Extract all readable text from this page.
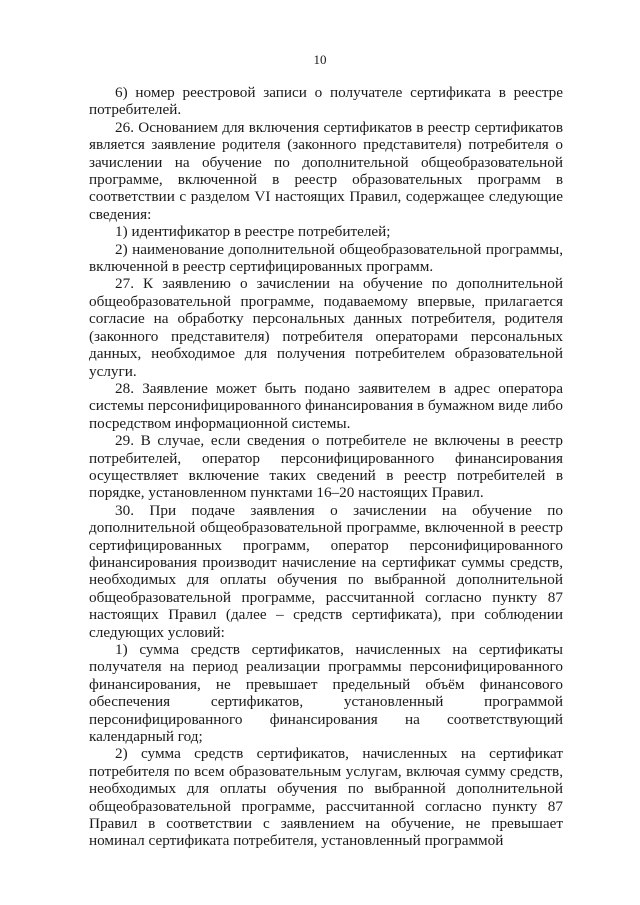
10

6) номер реестровой записи о получателе сертификата в реестре потребителей.

26. Основанием для включения сертификатов в реестр сертификатов является заявление родителя (законного представителя) потребителя о зачислении на обучение по дополнительной общеобразовательной программе, включенной в реестр образовательных программ в соответствии с разделом VI настоящих Правил, содержащее следующие сведения:

1) идентификатор в реестре потребителей;

2) наименование дополнительной общеобразовательной программы, включенной в реестр сертифицированных программ.

27. К заявлению о зачислении на обучение по дополнительной общеобразовательной программе, подаваемому впервые, прилагается согласие на обработку персональных данных потребителя, родителя (законного представителя) потребителя операторами персональных данных, необходимое для получения потребителем образовательной услуги.

28. Заявление может быть подано заявителем в адрес оператора системы персонифицированного финансирования в бумажном виде либо посредством информационной системы.

29. В случае, если сведения о потребителе не включены в реестр потребителей, оператор персонифицированного финансирования осуществляет включение таких сведений в реестр потребителей в порядке, установленном пунктами 16–20 настоящих Правил.

30. При подаче заявления о зачислении на обучение по дополнительной общеобразовательной программе, включенной в реестр сертифицированных программ, оператор персонифицированного финансирования производит начисление на сертификат суммы средств, необходимых для оплаты обучения по выбранной дополнительной общеобразовательной программе, рассчитанной согласно пункту 87 настоящих Правил (далее – средств сертификата), при соблюдении следующих условий:

1) сумма средств сертификатов, начисленных на сертификаты получателя на период реализации программы персонифицированного финансирования, не превышает предельный объём финансового обеспечения сертификатов, установленный программой персонифицированного финансирования на соответствующий календарный год;

2) сумма средств сертификатов, начисленных на сертификат потребителя по всем образовательным услугам, включая сумму средств, необходимых для оплаты обучения по выбранной дополнительной общеобразовательной программе, рассчитанной согласно пункту 87 Правил в соответствии с заявлением на обучение, не превышает номинал сертификата потребителя, установленный программой
